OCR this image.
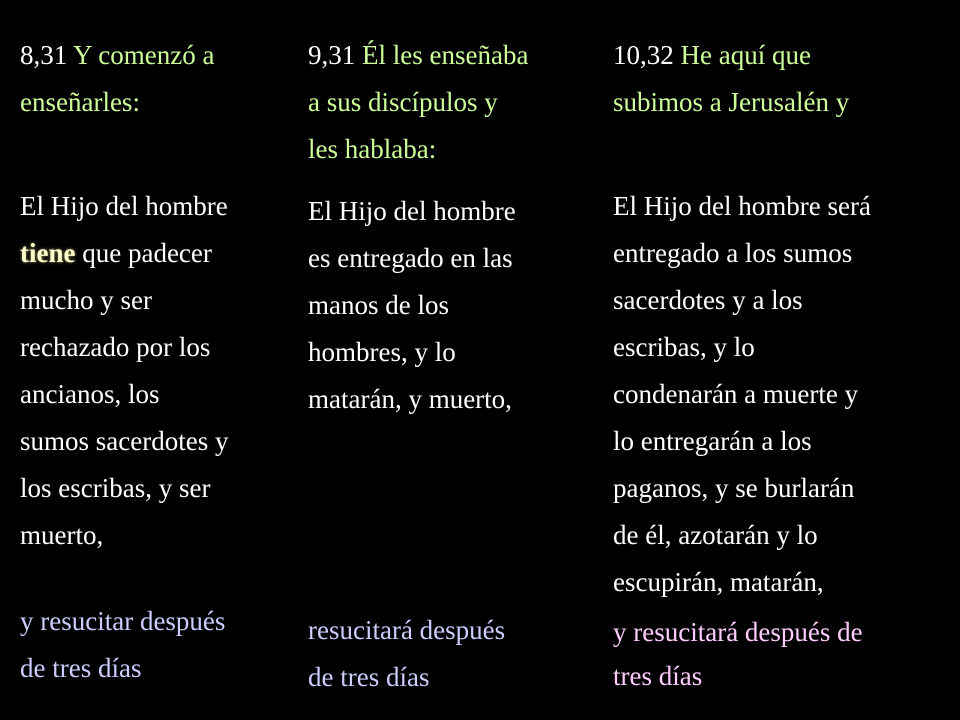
8,31 Y comenzó a
enseñarles:
9,31 Él les enseñaba
a sus discípulos y
les hablaba:
10,32 He aquí que
subimos a Jerusalén y
El Hijo del hombre
tiene que padecer
mucho y ser
rechazado por los
ancianos, los
sumos sacerdotes y
los escribas, y ser
muerto,
El Hijo del hombre
es entregado en las
manos de los
hombres, y lo
matarán, y muerto,
El Hijo del hombre será
entregado a los sumos
sacerdotes y a los
escribas, y lo
condenarán a muerte y
lo entregarán a los
paganos, y se burlarán
de él, azotarán y lo
escupirán, matarán,
y resucitar después
de tres días
resucitará después
de tres días
y resucitará después de
tres días
